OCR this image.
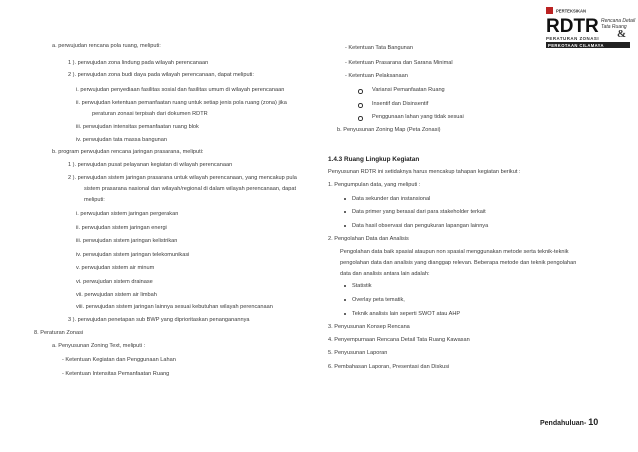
PERTEKSIKAN
RDTR Rencana Detail
Tata Ruang
&
PERATURAN ZONASI
PERKOTAAN CILAMAYA
a. perwujudan rencana pola ruang, meliputi:
1 ). perwujudan zona lindung pada wilayah perencanaan
2 ). perwujudan zona budi daya pada wilayah perencanaan, dapat meliputi:
i. perwujudan penyediaan fasilitas sosial dan fasilitas umum di wilayah perencanaan
ii. perwujudan ketentuan pemanfaatan ruang untuk setiap jenis pola ruang (zona) jika
peraturan zonasi terpisah dari dokumen RDTR
iii. perwujudan intensitas pemanfaatan ruang blok
iv. perwujudan tata massa bangunan
b. program perwujudan rencana jaringan prasarana, meliputi:
1 ). perwujudan pusat pelayanan kegiatan di wilayah perencanaan
2 ). perwujudan sistem jaringan prasarana untuk wilayah perencanaan, yang mencakup pula
sistem prasarana nasional dan wilayah/regional di dalam wilayah perencanaan, dapat
meliputi:
i. perwujudan sistem jaringan pergerakan
ii. perwujudan sistem jaringan energi
iii. perwujudan sistem jaringan kelistrikan
iv. perwujudan sistem jaringan telekomunikasi
v. perwujudan sistem air minum
vi. perwujudan sistem drainase
vii. perwujudan sistem air limbah
viii. perwujudan sistem jaringan lainnya sesuai kebutuhan wilayah perencanaan
3 ). perwujudan penetapan sub BWP yang diprioritaskan penanganannya
8. Peraturan Zonasi
a. Penyusunan Zoning Text, meliputi :
- Ketentuan Kegiatan dan Penggunaan Lahan
- Ketentuan Intensitas Pemanfaatan Ruang
- Ketentuan Tata Bangunan
- Ketentuan Prasarana dan Sarana Minimal
- Ketentuan Pelaksanaan
Variansi Pemanfaatan Ruang
Insentif dan Disinsentif
Penggunaan lahan yang tidak sesuai
b. Penyusunan Zoning Map (Peta Zonasi)
1.4.3 Ruang Lingkup Kegiatan
Penyusunan RDTR ini setidaknya harus mencakup tahapan kegiatan berikut :
1. Pengumpulan data, yang meliputi :
Data sekunder dan instansional
Data primer yang berasal dari para stakeholder terkait
Data hasil observasi dan pengukuran lapangan lainnya
2. Pengolahan Data dan Analisis
Pengolahan data baik spasial ataupun non spasial menggunakan metode serta teknik-teknik
pengolahan data dan analisis yang dianggap relevan. Beberapa metode dan teknik pengolahan
data dan analisis antara lain adalah:
Statistik
Overlay peta tematik,
Teknik analisis lain seperti SWOT atau AHP
3. Penyusunan Konsep Rencana
4. Penyempurnaan Rencana Detail Tata Ruang Kawasan
5. Penyusunan Laporan
6. Pembahasan Laporan, Presentasi dan Diskusi
Pendahuluan- 10
